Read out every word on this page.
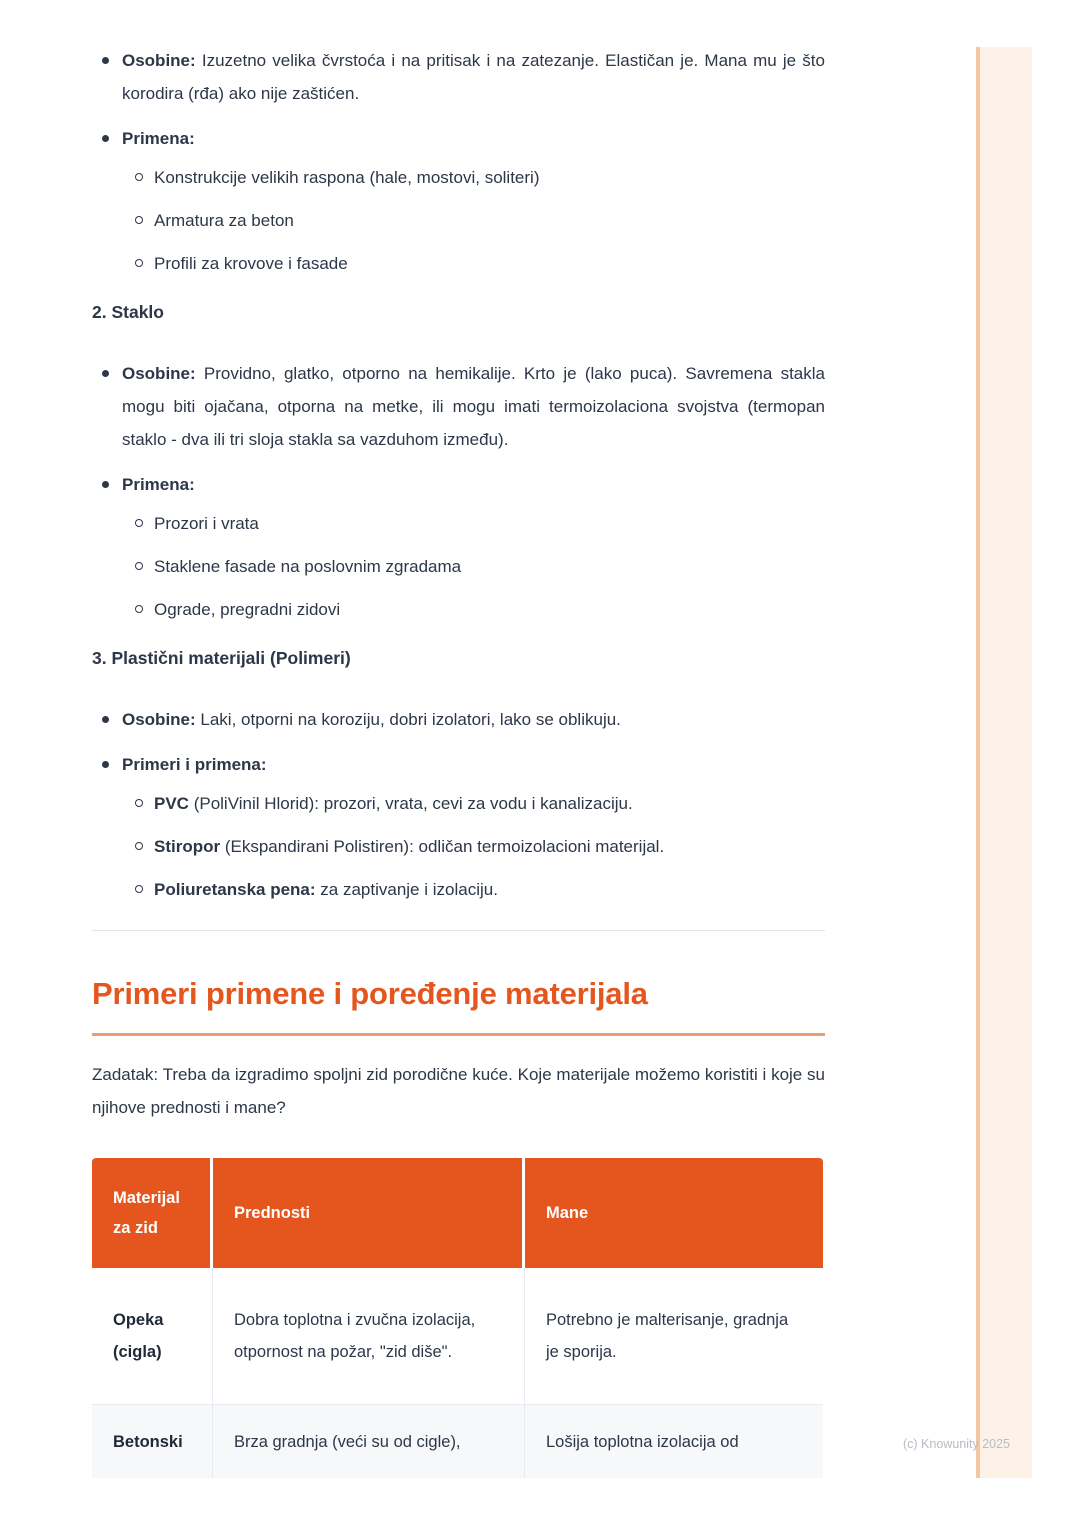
Osobine: Izuzetno velika čvrstoća i na pritisak i na zatezanje. Elastičan je. Mana mu je što korodira (rđa) ako nije zaštićen.
Primena:
Konstrukcije velikih raspona (hale, mostovi, soliteri)
Armatura za beton
Profili za krovove i fasade
2. Staklo
Osobine: Providno, glatko, otporno na hemikalije. Krto je (lako puca). Savremena stakla mogu biti ojačana, otporna na metke, ili mogu imati termoizolaciona svojstva (termopan staklo - dva ili tri sloja stakla sa vazduhom između).
Primena:
Prozori i vrata
Staklene fasade na poslovnim zgradama
Ograde, pregradni zidovi
3. Plastični materijali (Polimeri)
Osobine: Laki, otporni na koroziju, dobri izolatori, lako se oblikuju.
Primeri i primena:
PVC (PoliVinil Hlorid): prozori, vrata, cevi za vodu i kanalizaciju.
Stiropor (Ekspandirani Polistiren): odličan termoizolacioni materijal.
Poliuretanska pena: za zaptivanje i izolaciju.
Primeri primene i poređenje materijala

Zadatak: Treba da izgradimo spoljni zid porodične kuće. Koje materijale možemo koristiti i koje su njihove prednosti i mane?

Materijal za zid	Prednosti	Mane
Opeka (cigla)	Dobra toplotna i zvučna izolacija, otpornost na požar, "zid diše".	Potrebno je malterisanje, gradnja je sporija.
Betonski	Brza gradnja (veći su od cigle),	Lošija toplotna izolacija od	(c) Knowunity 2025
